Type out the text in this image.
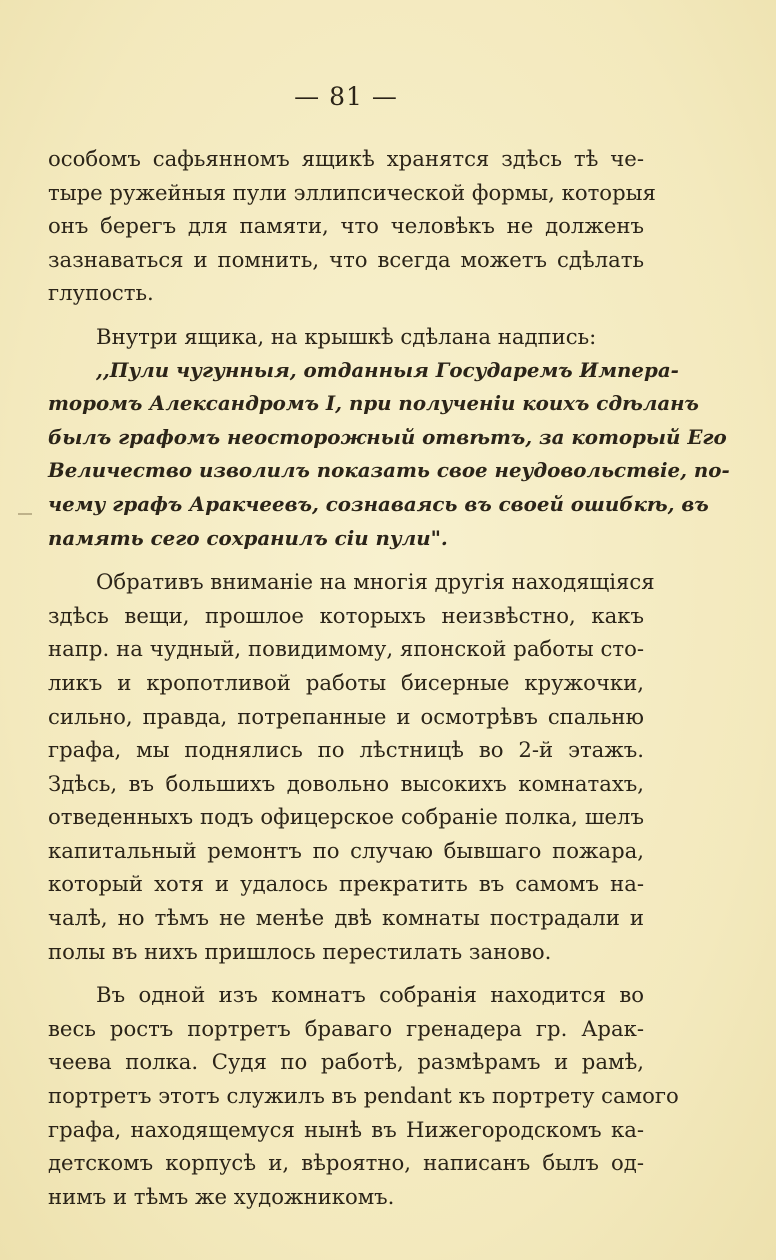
— 81 —
особомъ сафьянномъ ящикѣ хранятся здѣсь тѣ че-
тыре ружейныя пули эллипсической формы, которыя
онъ берегъ для памяти, что человѣкъ не долженъ
зазнаваться и помнить, что всегда можетъ сдѣлать
глупость.
Внутри ящика, на крышкѣ сдѣлана надпись:
,,Пули чугунныя, отданныя Государемъ Импера-
торомъ Александромъ I, при полученіи коихъ сдѣланъ
былъ графомъ неосторожный отвѣтъ, за который Его
Величество изволилъ показать свое неудовольствіе, по-
чему графъ Аракчеевъ, сознаваясь въ своей ошибкѣ, въ
память сего сохранилъ сіи пули".
Обративъ вниманіе на многія другія находящіяся
здѣсь вещи, прошлое которыхъ неизвѣстно, какъ
напр. на чудный, повидимому, японской работы сто-
ликъ и кропотливой работы бисерные кружочки,
сильно, правда, потрепанные и осмотрѣвъ спальню
графа, мы поднялись по лѣстницѣ во 2-й этажъ.
Здѣсь, въ большихъ довольно высокихъ комнатахъ,
отведенныхъ подъ офицерское собраніе полка, шелъ
капитальный ремонтъ по случаю бывшаго пожара,
который хотя и удалось прекратить въ самомъ на-
чалѣ, но тѣмъ не менѣе двѣ комнаты пострадали и
полы въ нихъ пришлось перестилать заново.
Въ одной изъ комнатъ собранія находится во
весь ростъ портретъ браваго гренадера гр. Арак-
чеева полка. Судя по работѣ, размѣрамъ и рамѣ,
портретъ этотъ служилъ въ pendant къ портрету самого
графа, находящемуся нынѣ въ Нижегородскомъ ка-
детскомъ корпусѣ и, вѣроятно, написанъ былъ од-
нимъ и тѣмъ же художникомъ.
